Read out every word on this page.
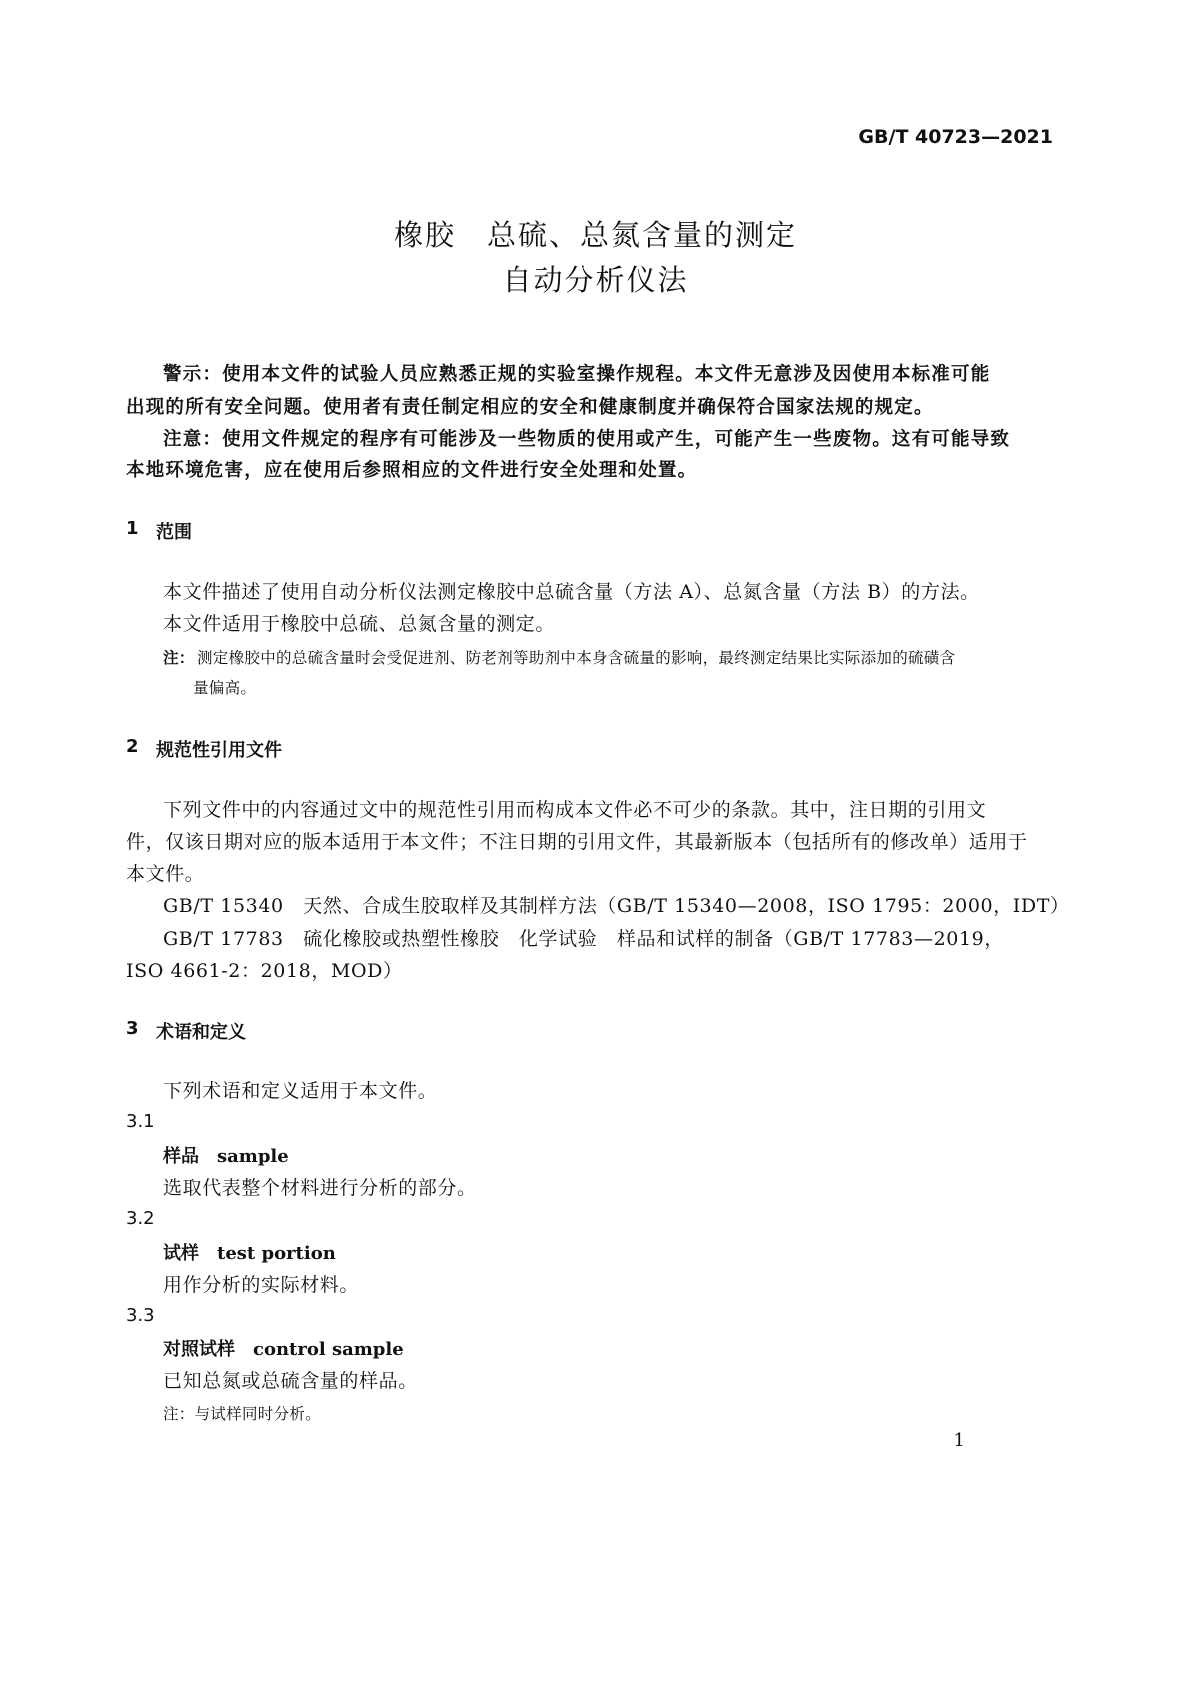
GB/T 40723—2021
橡胶　总硫、总氮含量的测定
自动分析仪法
警示：使用本文件的试验人员应熟悉正规的实验室操作规程。本文件无意涉及因使用本标准可能
出现的所有安全问题。使用者有责任制定相应的安全和健康制度并确保符合国家法规的规定。
注意：使用文件规定的程序有可能涉及一些物质的使用或产生，可能产生一些废物。这有可能导致
本地环境危害，应在使用后参照相应的文件进行安全处理和处置。
1 范围
本文件描述了使用自动分析仪法测定橡胶中总硫含量（方法 A）、总氮含量（方法 B）的方法。
本文件适用于橡胶中总硫、总氮含量的测定。
注： 测定橡胶中的总硫含量时会受促进剂、防老剂等助剂中本身含硫量的影响，最终测定结果比实际添加的硫磺含
量偏高。
2 规范性引用文件
下列文件中的内容通过文中的规范性引用而构成本文件必不可少的条款。其中，注日期的引用文
件，仅该日期对应的版本适用于本文件；不注日期的引用文件，其最新版本（包括所有的修改单）适用于
本文件。
GB/T 15340　天然、合成生胶取样及其制样方法（GB/T 15340—2008，ISO 1795：2000，IDT）
GB/T 17783　硫化橡胶或热塑性橡胶　化学试验　样品和试样的制备（GB/T 17783—2019，
ISO 4661-2：2018，MOD）
3 术语和定义
下列术语和定义适用于本文件。
3.1
样品　sample
选取代表整个材料进行分析的部分。
3.2
试样　test portion
用作分析的实际材料。
3.3
对照试样　control sample
已知总氮或总硫含量的样品。
注：与试样同时分析。
1
